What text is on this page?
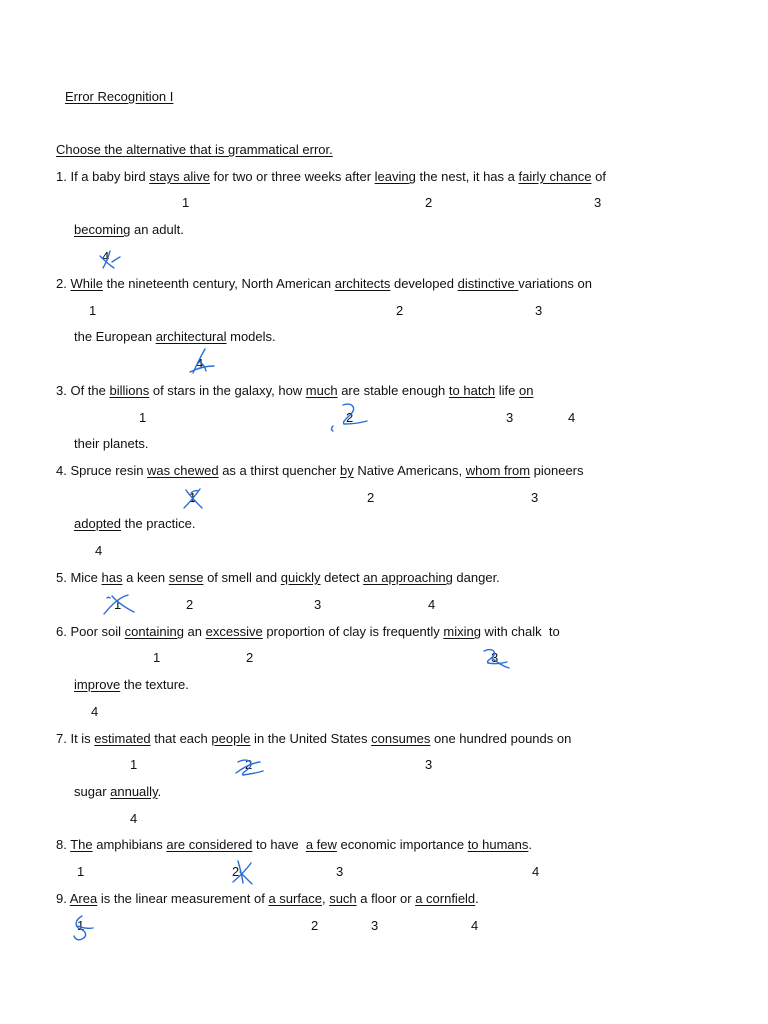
Error Recognition I
Choose the alternative that is grammatical error.
1. If a baby bird stays alive for two or three weeks after leaving the nest, it has a fairly chance of
1	2	3
becoming an adult.
4
2. While the nineteenth century, North American architects developed distinctive variations on
1	2	3
the European architectural models.
4
3. Of the billions of stars in the galaxy, how much are stable enough to hatch life on
1	2	3	4
their planets.
4. Spruce resin was chewed as a thirst quencher by Native Americans, whom from pioneers
1	2	3
adopted the practice.
4
5. Mice has a keen sense of smell and quickly detect an approaching danger.
1	2	3	4
6. Poor soil containing an excessive proportion of clay is frequently mixing with chalk  to
1	2	3
improve the texture.
4
7. It is estimated that each people in the United States consumes one hundred pounds on
1	2	3
sugar annually.
4
8. The amphibians are considered to have  a few economic importance to humans.
1	2	3	4
9. Area is the linear measurement of a surface, such a floor or a cornfield.
1	2	3	4
